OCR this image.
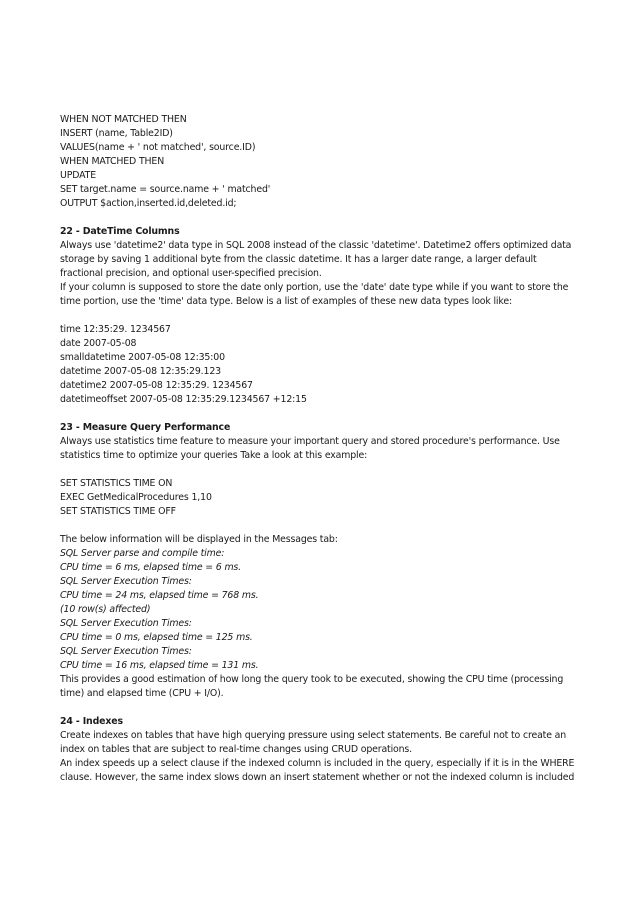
WHEN NOT MATCHED THEN
INSERT (name, Table2ID)
VALUES(name + ' not matched', source.ID)
WHEN MATCHED THEN
UPDATE
SET target.name = source.name + ' matched'
OUTPUT $action,inserted.id,deleted.id;
22 - DateTime Columns
Always use 'datetime2' data type in SQL 2008 instead of the classic 'datetime'. Datetime2 offers optimized data
storage by saving 1 additional byte from the classic datetime. It has a larger date range, a larger default
fractional precision, and optional user-specified precision.
If your column is supposed to store the date only portion, use the 'date' date type while if you want to store the
time portion, use the 'time' data type. Below is a list of examples of these new data types look like:
time 12:35:29. 1234567
date 2007-05-08
smalldatetime 2007-05-08 12:35:00
datetime 2007-05-08 12:35:29.123
datetime2 2007-05-08 12:35:29. 1234567
datetimeoffset 2007-05-08 12:35:29.1234567 +12:15
23 - Measure Query Performance
Always use statistics time feature to measure your important query and stored procedure's performance. Use
statistics time to optimize your queries Take a look at this example:
SET STATISTICS TIME ON
EXEC GetMedicalProcedures 1,10
SET STATISTICS TIME OFF
The below information will be displayed in the Messages tab:
SQL Server parse and compile time:
CPU time = 6 ms, elapsed time = 6 ms.
SQL Server Execution Times:
CPU time = 24 ms, elapsed time = 768 ms.
(10 row(s) affected)
SQL Server Execution Times:
CPU time = 0 ms, elapsed time = 125 ms.
SQL Server Execution Times:
CPU time = 16 ms, elapsed time = 131 ms.
This provides a good estimation of how long the query took to be executed, showing the CPU time (processing
time) and elapsed time (CPU + I/O).
24 - Indexes
Create indexes on tables that have high querying pressure using select statements. Be careful not to create an
index on tables that are subject to real-time changes using CRUD operations.
An index speeds up a select clause if the indexed column is included in the query, especially if it is in the WHERE
clause. However, the same index slows down an insert statement whether or not the indexed column is included
